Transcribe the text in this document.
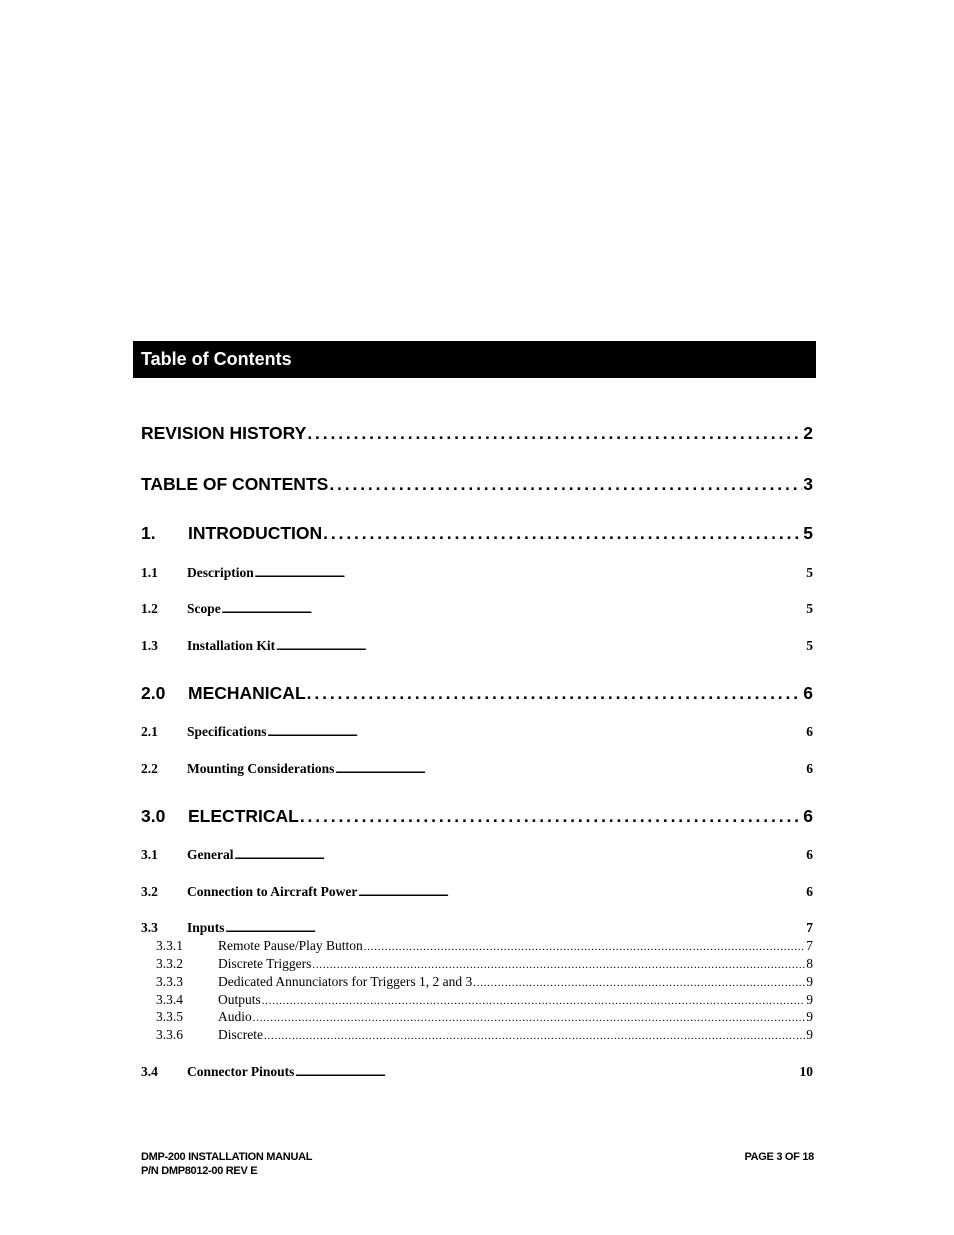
Table of Contents
REVISION HISTORY . . .	2
TABLE OF CONTENTS . . .	3
1.	INTRODUCTION . . .	5
1.1	Description . . .	5
1.2	Scope . . .	5
1.3	Installation Kit . . .	5
2.0	MECHANICAL . . .	6
2.1	Specifications . . .	6
2.2	Mounting Considerations . . .	6
3.0	ELECTRICAL . . .	6
3.1	General . . .	6
3.2	Connection to Aircraft Power . . .	6
3.3	Inputs . . .	7
3.3.1	Remote Pause/Play Button . . .	7
3.3.2	Discrete Triggers . . .	8
3.3.3	Dedicated Annunciators for Triggers 1, 2 and 3 . . .	9
3.3.4	Outputs . . .	9
3.3.5	Audio . . .	9
3.3.6	Discrete . . .	9
3.4	Connector Pinouts . . .	10
DMP-200 INSTALLATION MANUAL
P/N DMP8012-00 REV E
PAGE 3 OF 18
